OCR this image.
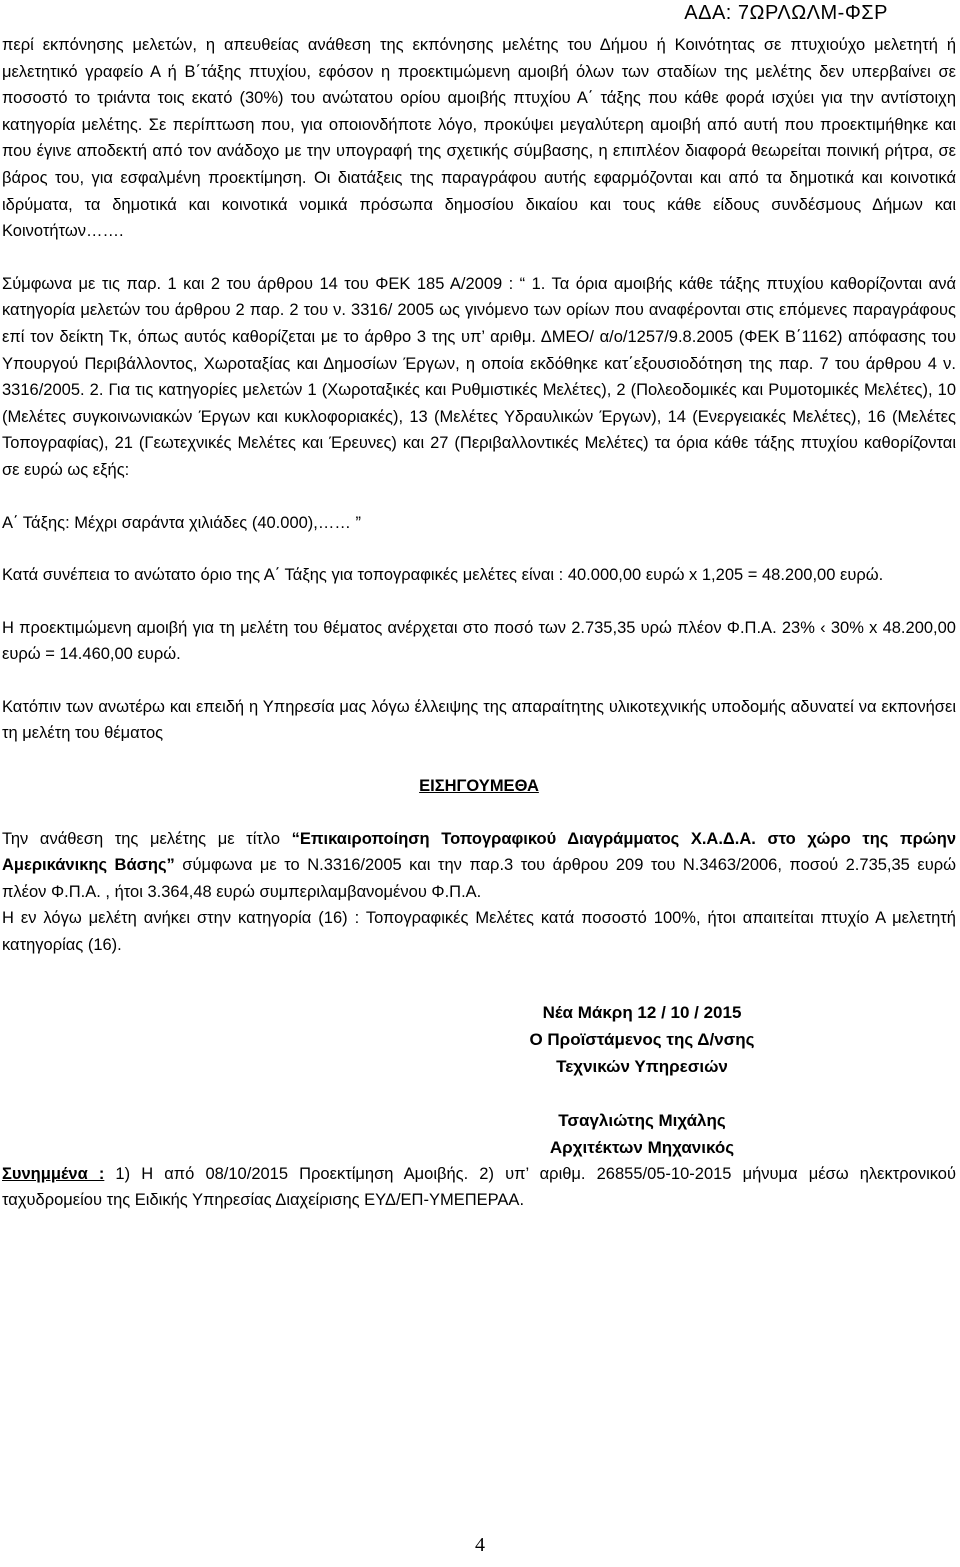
ΑΔΑ: 7ΩΡΛΩΛΜ-ΦΣΡ

περί εκπόνησης μελετών, η απευθείας ανάθεση της εκπόνησης μελέτης του Δήμου ή Κοινότητας σε πτυχιούχο μελετητή ή μελετητικό γραφείο Α ή Β΄τάξης πτυχίου, εφόσον η προεκτιμώμενη αμοιβή όλων των σταδίων της μελέτης δεν υπερβαίνει σε ποσοστό το τριάντα τοις εκατό (30%) του ανώτατου ορίου αμοιβής πτυχίου Α΄ τάξης που κάθε φορά ισχύει για την αντίστοιχη κατηγορία μελέτης. Σε περίπτωση που, για οποιονδήποτε λόγο, προκύψει μεγαλύτερη αμοιβή από αυτή που προεκτιμήθηκε και που έγινε αποδεκτή από τον ανάδοχο με την υπογραφή της σχετικής σύμβασης, η επιπλέον διαφορά θεωρείται ποινική ρήτρα, σε βάρος του, για εσφαλμένη προεκτίμηση. Οι διατάξεις της παραγράφου αυτής εφαρμόζονται και από τα δημοτικά και κοινοτικά ιδρύματα, τα δημοτικά και κοινοτικά νομικά πρόσωπα δημοσίου δικαίου και τους κάθε είδους συνδέσμους Δήμων και Κοινοτήτων…….

Σύμφωνα με τις παρ. 1 και 2 του άρθρου 14 του ΦΕΚ 185 Α/2009 : “ 1. Τα όρια αμοιβής κάθε τάξης πτυχίου καθορίζονται ανά κατηγορία μελετών του άρθρου 2 παρ. 2 του ν. 3316/ 2005 ως γινόμενο των ορίων που αναφέρονται στις επόμενες παραγράφους επί τον δείκτη Τκ, όπως αυτός καθορίζεται με το άρθρο 3 της υπ’ αριθμ. ΔΜΕΟ/ α/ο/1257/9.8.2005 (ΦΕΚ Β΄1162) απόφασης του Υπουργού Περιβάλλοντος, Χωροταξίας και Δημοσίων Έργων, η οποία εκδόθηκε κατ΄εξουσιοδότηση της παρ. 7 του άρθρου 4 ν. 3316/2005. 2. Για τις κατηγορίες μελετών 1 (Χωροταξικές και Ρυθμιστικές Μελέτες), 2 (Πολεοδομικές και Ρυμοτομικές Μελέτες), 10 (Μελέτες συγκοινωνιακών Έργων και κυκλοφοριακές), 13 (Μελέτες Υδραυλικών Έργων), 14 (Ενεργειακές Μελέτες), 16 (Μελέτες Τοπογραφίας), 21 (Γεωτεχνικές Μελέτες και Έρευνες) και 27 (Περιβαλλοντικές Μελέτες) τα όρια κάθε τάξης πτυχίου καθορίζονται σε ευρώ ως εξής:

Α΄ Τάξης: Μέχρι σαράντα χιλιάδες (40.000),…… ”

Κατά συνέπεια το ανώτατο όριο της Α΄ Τάξης για τοπογραφικές μελέτες είναι : 40.000,00 ευρώ x 1,205 = 48.200,00 ευρώ.

Η προεκτιμώμενη αμοιβή για τη μελέτη του θέματος ανέρχεται στο ποσό των 2.735,35 υρώ πλέον Φ.Π.Α. 23% ‹ 30% x 48.200,00 ευρώ = 14.460,00 ευρώ.

Κατόπιν των ανωτέρω και επειδή η Υπηρεσία μας λόγω έλλειψης της απαραίτητης υλικοτεχνικής υποδομής αδυνατεί να εκπονήσει τη μελέτη του θέματος

ΕΙΣΗΓΟΥΜΕΘΑ

Την ανάθεση της μελέτης με τίτλο “Επικαιροποίηση Τοπογραφικού Διαγράμματος Χ.Α.Δ.Α. στο χώρο της πρώην Αμερικάνικης Βάσης” σύμφωνα με το Ν.3316/2005 και την παρ.3 του άρθρου 209 του Ν.3463/2006, ποσού 2.735,35 ευρώ πλέον Φ.Π.Α. , ήτοι 3.364,48 ευρώ συμπεριλαμβανομένου Φ.Π.Α.

Η εν λόγω μελέτη ανήκει στην κατηγορία (16) : Τοπογραφικές Μελέτες κατά ποσοστό 100%, ήτοι απαιτείται πτυχίο Α μελετητή κατηγορίας (16).

Νέα Μάκρη 12 / 10 / 2015
Ο Προϊστάμενος της Δ/νσης
Τεχνικών Υπηρεσιών
Τσαγλιώτης Μιχάλης
Αρχιτέκτων Μηχανικός

Συνημμένα : 1) Η από 08/10/2015 Προεκτίμηση Αμοιβής. 2) υπ’ αριθμ. 26855/05-10-2015 μήνυμα μέσω ηλεκτρονικού ταχυδρομείου της Ειδικής Υπηρεσίας Διαχείρισης ΕΥΔ/ΕΠ-ΥΜΕΠΕΡΑΑ.

4
